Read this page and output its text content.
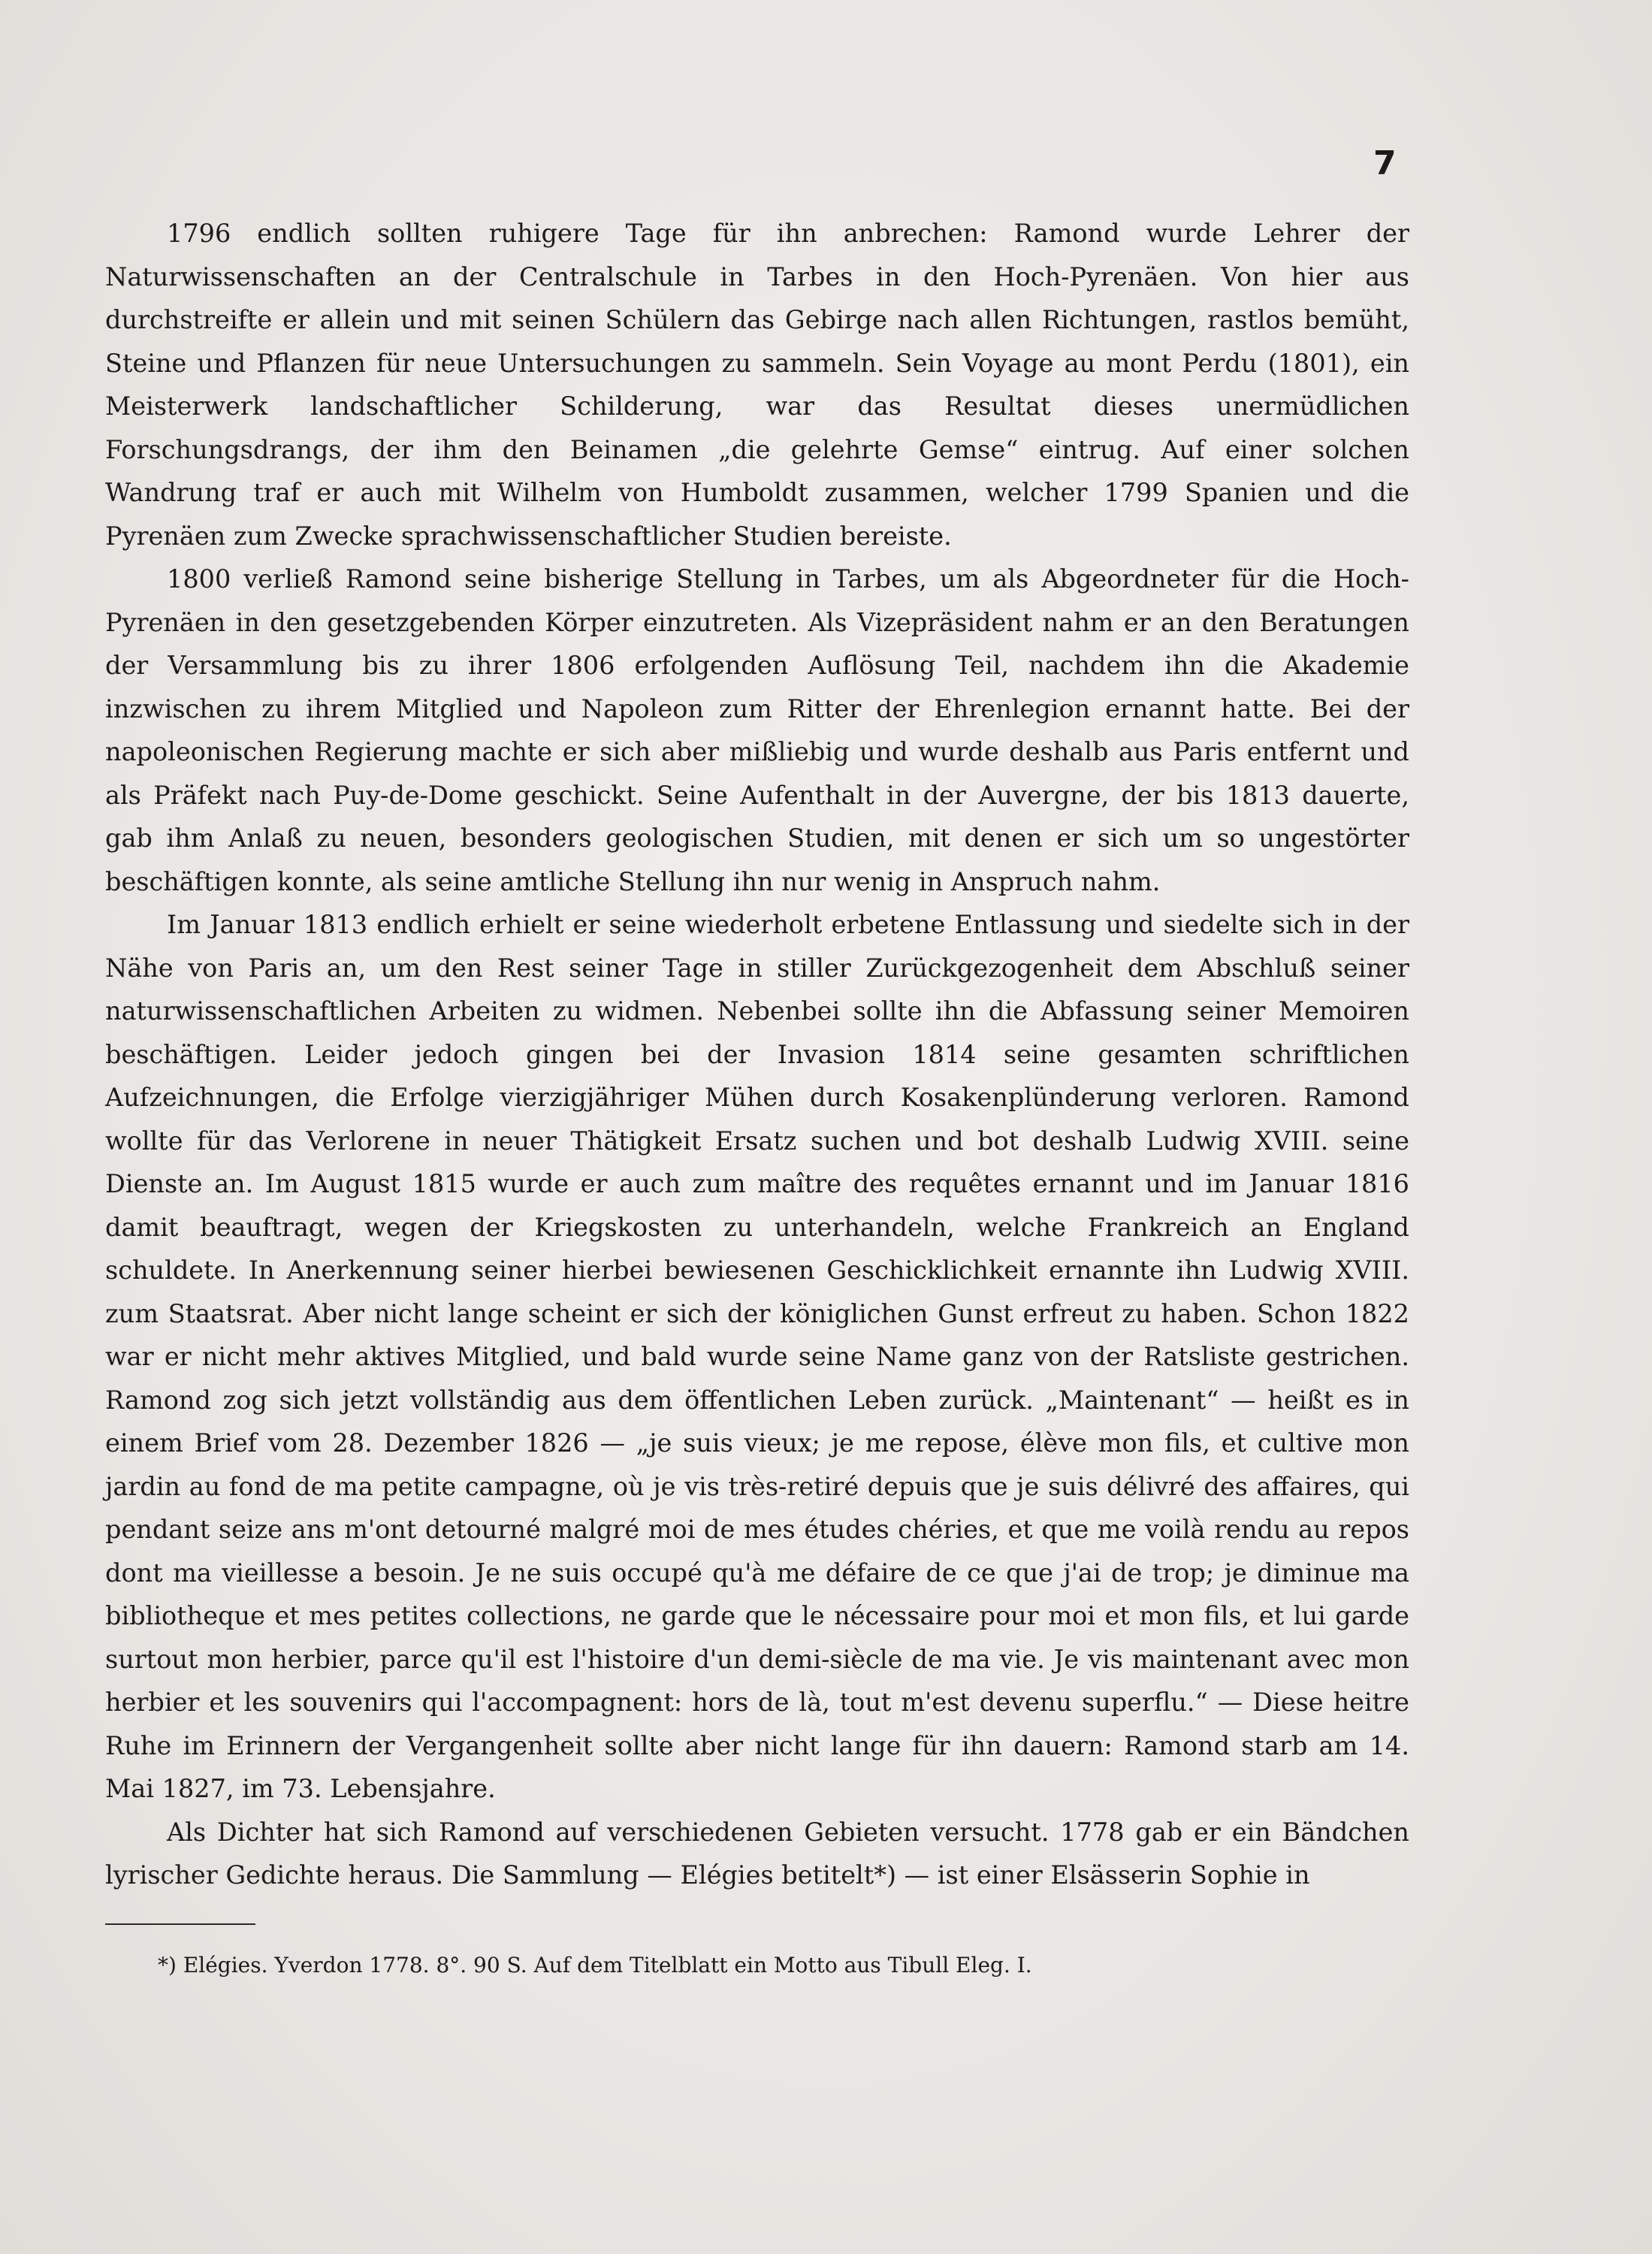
7

1796 endlich sollten ruhigere Tage für ihn anbrechen: Ramond wurde Lehrer der Naturwissenschaften an der Centralschule in Tarbes in den Hoch-Pyrenäen. Von hier aus durchstreifte er allein und mit seinen Schülern das Gebirge nach allen Richtungen, rastlos bemüht, Steine und Pflanzen für neue Untersuchungen zu sammeln. Sein Voyage au mont Perdu (1801), ein Meisterwerk landschaftlicher Schilderung, war das Resultat dieses unermüdlichen Forschungsdrangs, der ihm den Beinamen „die gelehrte Gemse“ eintrug. Auf einer solchen Wandrung traf er auch mit Wilhelm von Humboldt zusammen, welcher 1799 Spanien und die Pyrenäen zum Zwecke sprachwissenschaftlicher Studien bereiste.

1800 verließ Ramond seine bisherige Stellung in Tarbes, um als Abgeordneter für die Hoch-Pyrenäen in den gesetzgebenden Körper einzutreten. Als Vizepräsident nahm er an den Beratungen der Versammlung bis zu ihrer 1806 erfolgenden Auflösung Teil, nachdem ihn die Akademie inzwischen zu ihrem Mitglied und Napoleon zum Ritter der Ehrenlegion ernannt hatte. Bei der napoleonischen Regierung machte er sich aber mißliebig und wurde deshalb aus Paris entfernt und als Präfekt nach Puy-de-Dome geschickt. Seine Aufenthalt in der Auvergne, der bis 1813 dauerte, gab ihm Anlaß zu neuen, besonders geologischen Studien, mit denen er sich um so ungestörter beschäftigen konnte, als seine amtliche Stellung ihn nur wenig in Anspruch nahm.

Im Januar 1813 endlich erhielt er seine wiederholt erbetene Entlassung und siedelte sich in der Nähe von Paris an, um den Rest seiner Tage in stiller Zurückgezogenheit dem Abschluß seiner naturwissenschaftlichen Arbeiten zu widmen. Nebenbei sollte ihn die Abfassung seiner Memoiren beschäftigen. Leider jedoch gingen bei der Invasion 1814 seine gesamten schriftlichen Aufzeichnungen, die Erfolge vierzigjähriger Mühen durch Kosakenplünderung verloren. Ramond wollte für das Verlorene in neuer Thätigkeit Ersatz suchen und bot deshalb Ludwig XVIII. seine Dienste an. Im August 1815 wurde er auch zum maître des requêtes ernannt und im Januar 1816 damit beauftragt, wegen der Kriegskosten zu unterhandeln, welche Frankreich an England schuldete. In Anerkennung seiner hierbei bewiesenen Geschicklichkeit ernannte ihn Ludwig XVIII. zum Staatsrat. Aber nicht lange scheint er sich der königlichen Gunst erfreut zu haben. Schon 1822 war er nicht mehr aktives Mitglied, und bald wurde seine Name ganz von der Ratsliste gestrichen. Ramond zog sich jetzt vollständig aus dem öffentlichen Leben zurück. „Maintenant“ — heißt es in einem Brief vom 28. Dezember 1826 — „je suis vieux; je me repose, élève mon fils, et cultive mon jardin au fond de ma petite campagne, où je vis très-retiré depuis que je suis délivré des affaires, qui pendant seize ans m'ont detourné malgré moi de mes études chéries, et que me voilà rendu au repos dont ma vieillesse a besoin. Je ne suis occupé qu'à me défaire de ce que j'ai de trop; je diminue ma bibliotheque et mes petites collections, ne garde que le nécessaire pour moi et mon fils, et lui garde surtout mon herbier, parce qu'il est l'histoire d'un demi-siècle de ma vie. Je vis maintenant avec mon herbier et les souvenirs qui l'accompagnent: hors de là, tout m'est devenu superflu.“ — Diese heitre Ruhe im Erinnern der Vergangenheit sollte aber nicht lange für ihn dauern: Ramond starb am 14. Mai 1827, im 73. Lebensjahre.

Als Dichter hat sich Ramond auf verschiedenen Gebieten versucht. 1778 gab er ein Bändchen lyrischer Gedichte heraus. Die Sammlung — Elégies betitelt*) — ist einer Elsässerin Sophie in

*) Elégies. Yverdon 1778. 8°. 90 S. Auf dem Titelblatt ein Motto aus Tibull Eleg. I.
